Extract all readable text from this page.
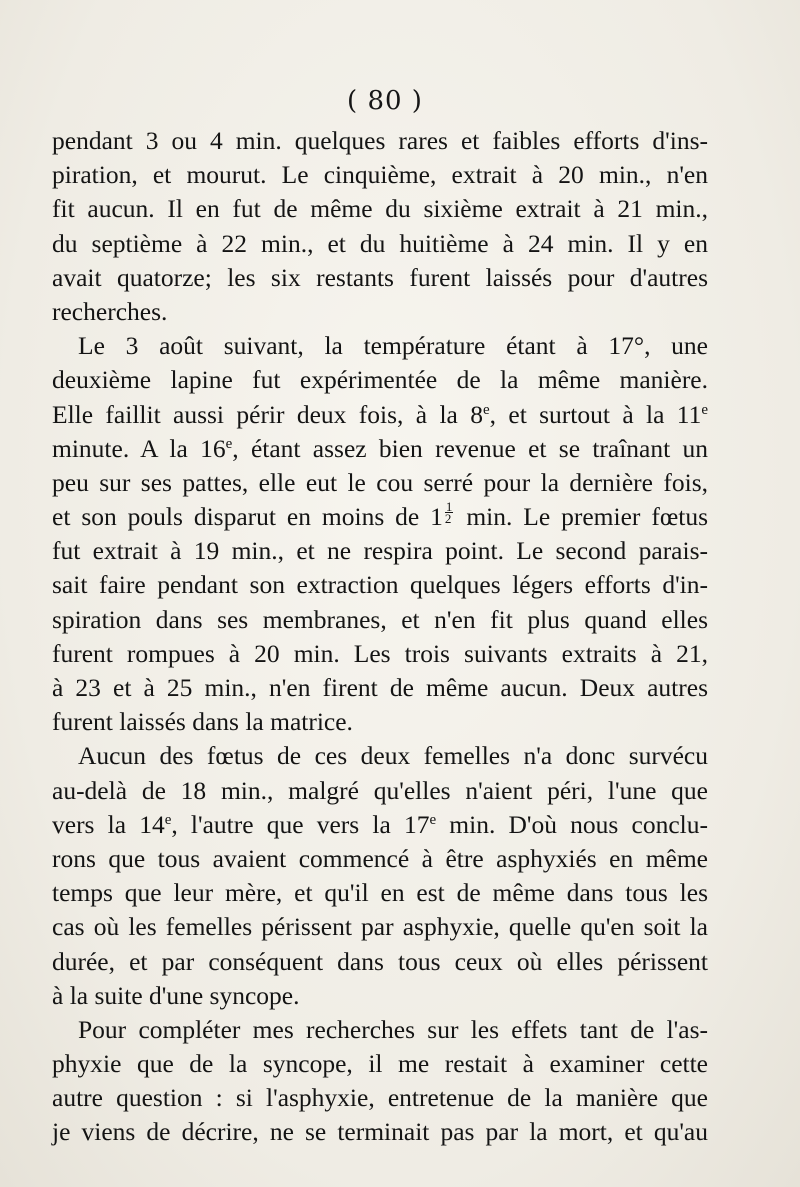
( 80 )
pendant 3 ou 4 min. quelques rares et faibles efforts d'ins-
piration, et mourut. Le cinquième, extrait à 20 min., n'en
fit aucun. Il en fut de même du sixième extrait à 21 min.,
du septième à 22 min., et du huitième à 24 min. Il y en
avait quatorze; les six restants furent laissés pour d'autres
recherches.
Le 3 août suivant, la température étant à 17°, une
deuxième lapine fut expérimentée de la même manière.
Elle faillit aussi périr deux fois, à la 8e, et surtout à la 11e
minute. A la 16e, étant assez bien revenue et se traînant un
peu sur ses pattes, elle eut le cou serré pour la dernière fois,
et son pouls disparut en moins de $1 \frac{1}{2} \min$. Le premier fœtus
fut extrait à 19 min., et ne respira point. Le second parais-
sait faire pendant son extraction quelques légers efforts d'in-
spiration dans ses membranes, et n'en fit plus quand elles
furent rompues à 20 min. Les trois suivants extraits à 21,
à 23 et à 25 min., n'en firent de même aucun. Deux autres
furent laissés dans la matrice.
Aucun des fœtus de ces deux femelles n'a donc survécu
au-delà de 18 min., malgré qu'elles n'aient péri, l'une que
vers la 14e, l'autre que vers la 17e min. D'où nous conclu-
rons que tous avaient commencé à être asphyxiés en même
temps que leur mère, et qu'il en est de même dans tous les
cas où les femelles périssent par asphyxie, quelle qu'en soit la
durée, et par conséquent dans tous ceux où elles périssent
à la suite d'une syncope.
Pour compléter mes recherches sur les effets tant de l'as-
phyxie que de la syncope, il me restait à examiner cette
autre question : si l'asphyxie, entretenue de la manière que
je viens de décrire, ne se terminait pas par la mort, et qu'au
